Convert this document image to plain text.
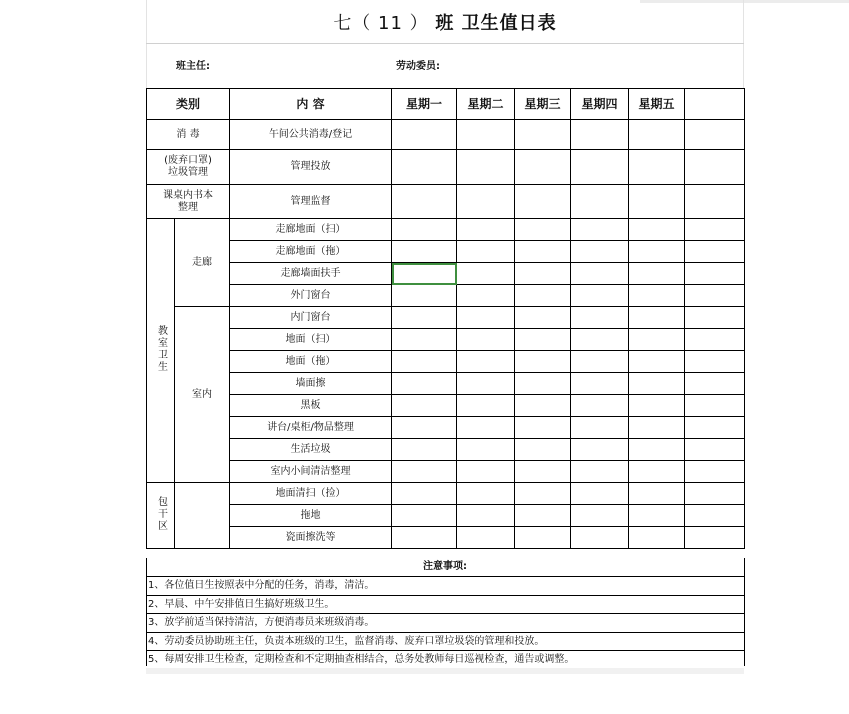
七（ 11 ） 班 卫生值日表
班主任:	劳动委员:
类别		内 容	星期一	星期二	星期三	星期四	星期五	
消 毒		午间公共消毒/登记						
(废弃口罩)
垃圾管理		管理投放						
课桌内书本
整理		管理监督						
教室卫生	走廊	走廊地面（扫）						
		走廊地面（拖）						
		走廊墙面扶手						
		外门窗台						
	室内	内门窗台						
		地面（扫）						
		地面（拖）						
		墙面擦						
		黑板						
		讲台/桌柜/物品整理						
		生活垃圾						
		室内小间清洁整理						
包干区		地面清扫（捡）						
		拖地						
		瓷面擦洗等						
注意事项:
1、各位值日生按照表中分配的任务，消毒，清洁。
2、早晨、中午安排值日生搞好班级卫生。
3、放学前适当保持清洁，方便消毒员来班级消毒。
4、劳动委员协助班主任，负责本班级的卫生，监督消毒、废弃口罩垃圾袋的管理和投放。
5、每周安排卫生检查，定期检查和不定期抽查相结合，总务处教师每日巡视检查，通告或调整。
